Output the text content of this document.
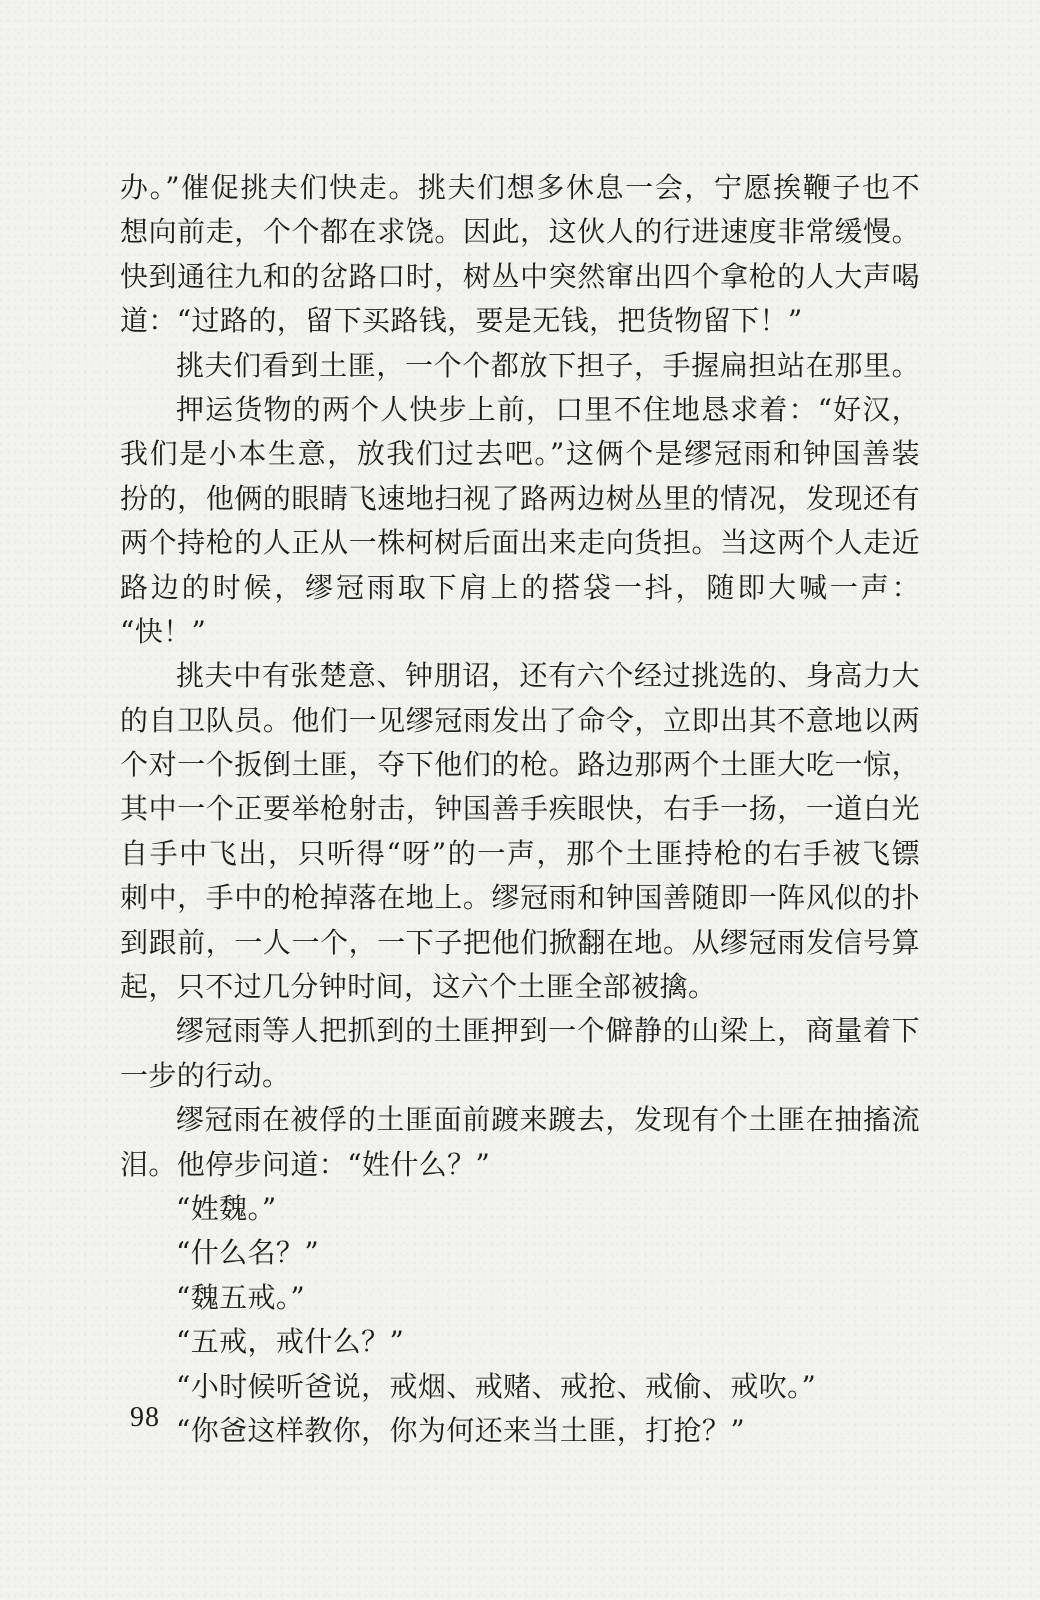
办。”催促挑夫们快走。挑夫们想多休息一会，宁愿挨鞭子也不
想向前走，个个都在求饶。因此，这伙人的行进速度非常缓慢。
快到通往九和的岔路口时，树丛中突然窜出四个拿枪的人大声喝
道：“过路的，留下买路钱，要是无钱，把货物留下！”
挑夫们看到土匪，一个个都放下担子，手握扁担站在那里。
押运货物的两个人快步上前，口里不住地恳求着：“好汉，
我们是小本生意，放我们过去吧。”这俩个是缪冠雨和钟国善装
扮的，他俩的眼睛飞速地扫视了路两边树丛里的情况，发现还有
两个持枪的人正从一株柯树后面出来走向货担。当这两个人走近
路边的时候，缪冠雨取下肩上的搭袋一抖，随即大喊一声：
“快！”
挑夫中有张楚意、钟朋诏，还有六个经过挑选的、身高力大
的自卫队员。他们一见缪冠雨发出了命令，立即出其不意地以两
个对一个扳倒土匪，夺下他们的枪。路边那两个土匪大吃一惊，
其中一个正要举枪射击，钟国善手疾眼快，右手一扬，一道白光
自手中飞出，只听得“呀”的一声，那个土匪持枪的右手被飞镖
刺中，手中的枪掉落在地上。缪冠雨和钟国善随即一阵风似的扑
到跟前，一人一个，一下子把他们掀翻在地。从缪冠雨发信号算
起，只不过几分钟时间，这六个土匪全部被擒。
缪冠雨等人把抓到的土匪押到一个僻静的山梁上，商量着下
一步的行动。
缪冠雨在被俘的土匪面前踱来踱去，发现有个土匪在抽搐流
泪。他停步问道：“姓什么？”
“姓魏。”
“什么名？”
“魏五戒。”
“五戒，戒什么？”
“小时候听爸说，戒烟、戒赌、戒抢、戒偷、戒吹。”
“你爸这样教你，你为何还来当土匪，打抢？”
98
